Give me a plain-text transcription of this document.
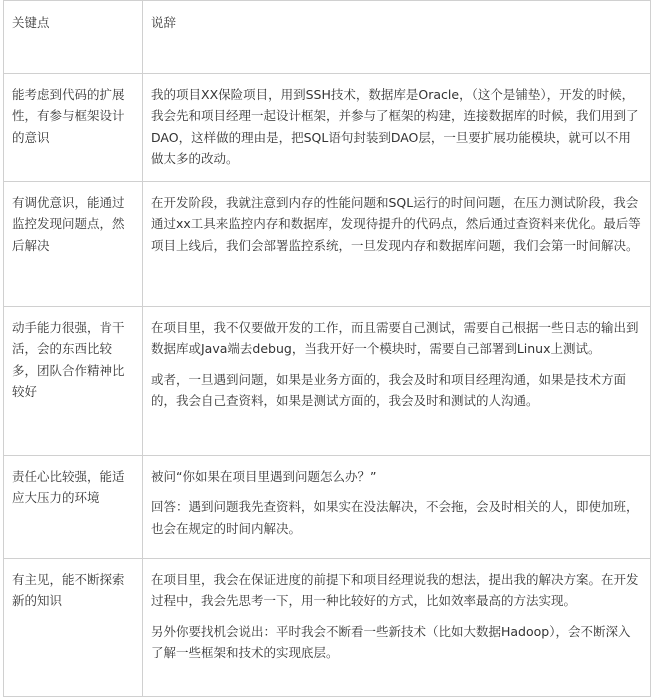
关键点	说辞

能考虑到代码的扩展性，有参与框架设计的意识	我的项目XX保险项目，用到SSH技术，数据库是Oracle，（这个是铺垫），开发的时候，我会先和项目经理一起设计框架，并参与了框架的构建，连接数据库的时候，我们用到了DAO，这样做的理由是，把SQL语句封装到DAO层，一旦要扩展功能模块，就可以不用做太多的改动。

有调优意识，能通过监控发现问题点，然后解决	在开发阶段，我就注意到内存的性能问题和SQL运行的时间问题，在压力测试阶段，我会通过xx工具来监控内存和数据库，发现待提升的代码点，然后通过查资料来优化。最后等项目上线后，我们会部署监控系统，一旦发现内存和数据库问题，我们会第一时间解决。

动手能力很强，肯干活，会的东西比较多，团队合作精神比较好	在项目里，我不仅要做开发的工作，而且需要自己测试，需要自己根据一些日志的输出到数据库或Java端去debug，当我开好一个模块时，需要自己部署到Linux上测试。

或者，一旦遇到问题，如果是业务方面的，我会及时和项目经理沟通，如果是技术方面的，我会自己查资料，如果是测试方面的，我会及时和测试的人沟通。

责任心比较强，能适应大压力的环境	被问“你如果在项目里遇到问题怎么办？”

回答：遇到问题我先查资料，如果实在没法解决，不会拖，会及时相关的人，即使加班，也会在规定的时间内解决。

有主见，能不断探索新的知识	在项目里，我会在保证进度的前提下和项目经理说我的想法，提出我的解决方案。在开发过程中，我会先思考一下，用一种比较好的方式，比如效率最高的方法实现。

另外你要找机会说出：平时我会不断看一些新技术（比如大数据Hadoop），会不断深入了解一些框架和技术的实现底层。
